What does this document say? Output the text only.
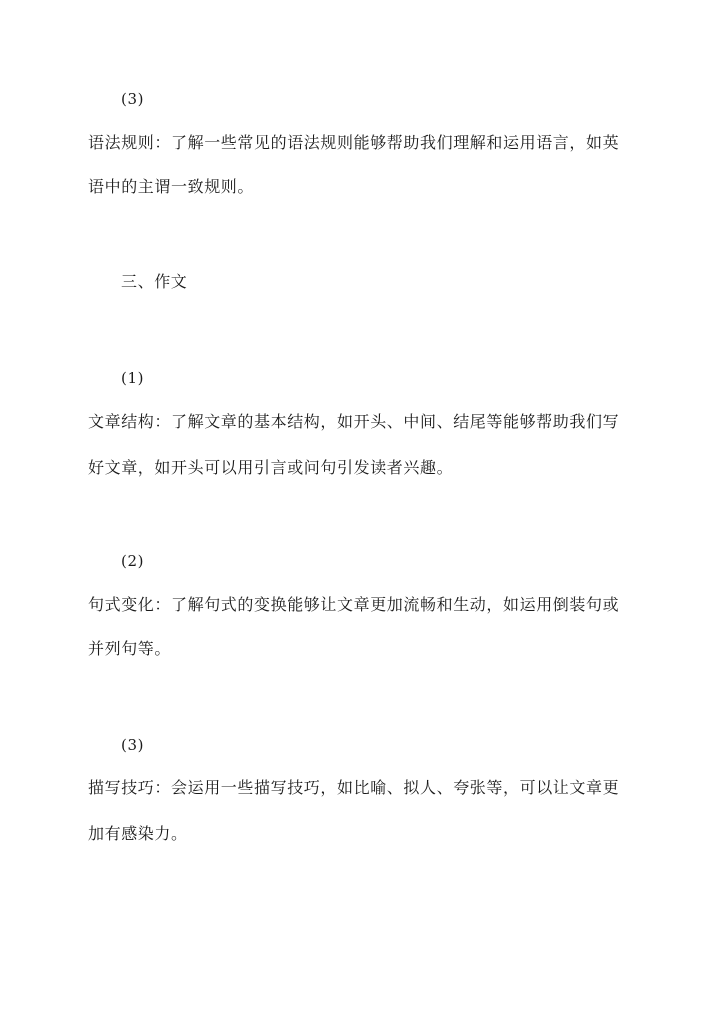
(3)
语法规则：了解一些常见的语法规则能够帮助我们理解和运用语言，如英
语中的主谓一致规则。
三、作文
(1)
文章结构：了解文章的基本结构，如开头、中间、结尾等能够帮助我们写
好文章，如开头可以用引言或问句引发读者兴趣。
(2)
句式变化：了解句式的变换能够让文章更加流畅和生动，如运用倒装句或
并列句等。
(3)
描写技巧：会运用一些描写技巧，如比喻、拟人、夸张等，可以让文章更
加有感染力。
